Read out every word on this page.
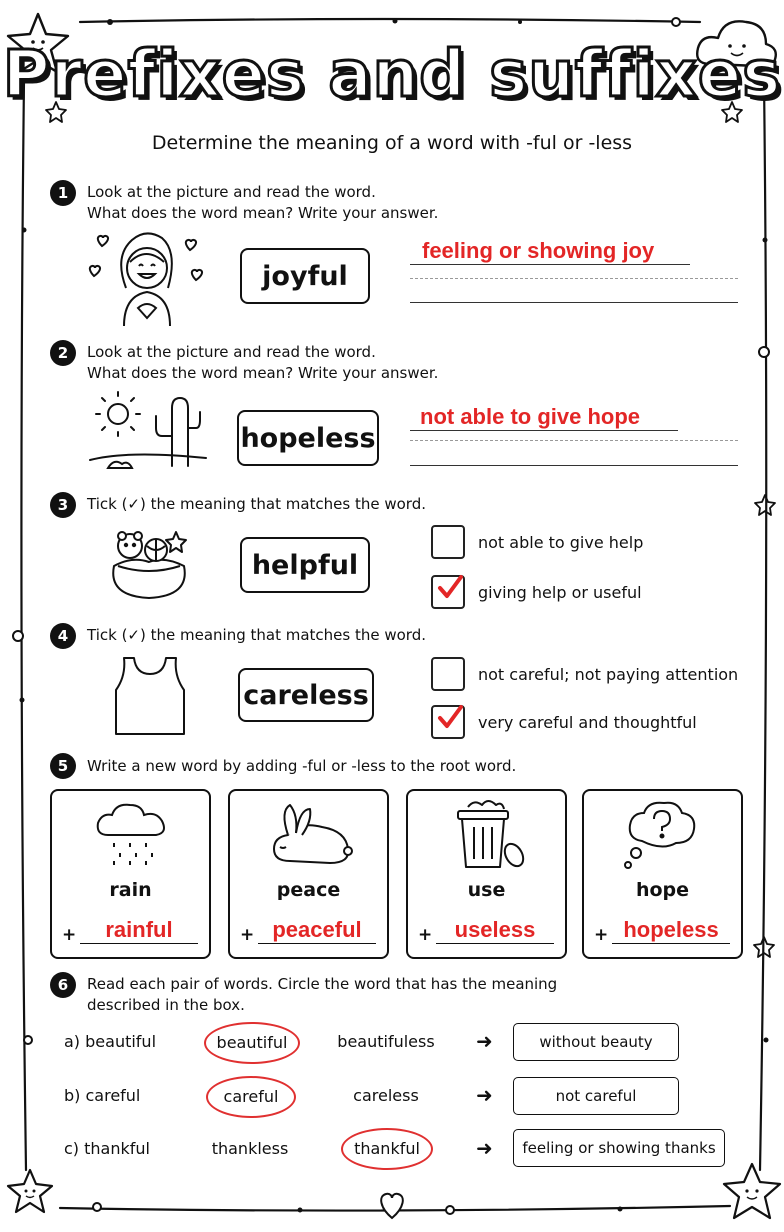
Prefixes and suffixes
Determine the meaning of a word with -ful or -less
1	Look at the picture and read the word.
What does the word mean? Write your answer.
joyful
feeling or showing joy
2	Look at the picture and read the word.
What does the word mean? Write your answer.
hopeless
not able to give hope
3	Tick (✓) the meaning that matches the word.
helpful
not able to give help
giving help or useful
4	Tick (✓) the meaning that matches the word.
careless
not careful; not paying attention
very careful and thoughtful
5	Write a new word by adding -ful or -less to the root word.
rain
+	rainful
peace
+ peaceful
use
+	useless
hope
+ hopeless
6	Read each pair of words. Circle the word that has the meaning
described in the box.
a) beautiful	beautiful	beautifuless	➜	without beauty
b) careful	careful	careless	➜	not careful
c) thankful	thankless	thankful	➜	feeling or showing thanks
